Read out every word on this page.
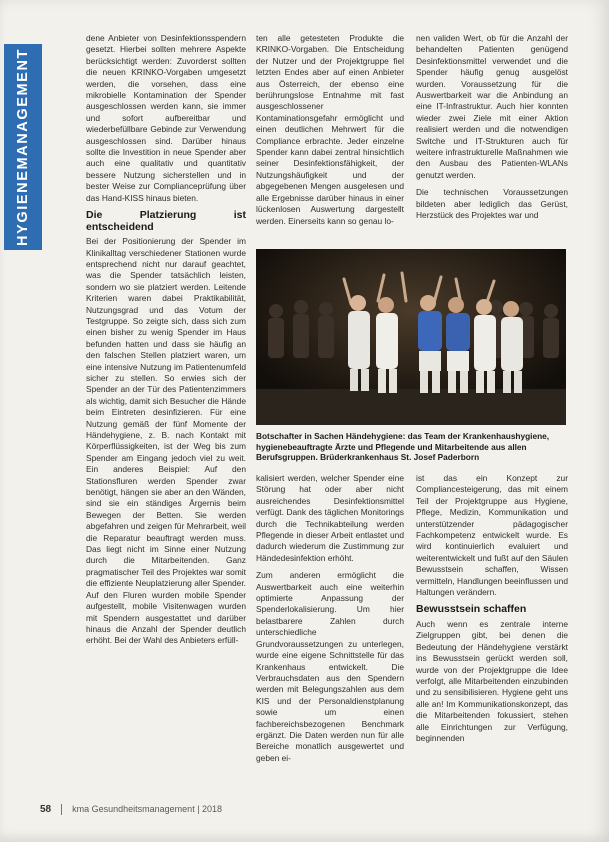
HYGIENEMANAGEMENT

dene Anbieter von Desinfektionsspendern gesetzt. Hierbei sollten mehrere Aspekte berücksichtigt werden: Zuvorderst sollten die neuen KRINKO-Vorgaben umgesetzt werden, die vorsehen, dass eine mikrobielle Kontamination der Spender ausgeschlossen werden kann, sie immer und sofort aufbereitbar und wiederbefüllbare Gebinde zur Verwendung ausgeschlossen sind. Darüber hinaus sollte die Investition in neue Spender aber auch eine qualitativ und quantitativ bessere Nutzung sicherstellen und in bester Weise zur Complianceprüfung über das Hand-KISS hinaus bieten.

Die Platzierung ist entscheidend

Bei der Positionierung der Spender im Klinikalltag verschiedener Stationen wurde entsprechend nicht nur darauf geachtet, was die Spender tatsächlich leisten, sondern wo sie platziert werden. Leitende Kriterien waren dabei Praktikabilität, Nutzungsgrad und das Votum der Testgruppe. So zeigte sich, dass sich zum einen bisher zu wenig Spender im Haus befunden hatten und dass sie häufig an den falschen Stellen platziert waren, um eine intensive Nutzung im Patientenumfeld sicher zu stellen. So erwies sich der Spender an der Tür des Patientenzimmers als wichtig, damit sich Besucher die Hände beim Eintreten desinfizieren. Für eine Nutzung gemäß der fünf Momente der Händehygiene, z. B. nach Kontakt mit Körperflüssigkeiten, ist der Weg bis zum Spender am Eingang jedoch viel zu weit. Ein anderes Beispiel: Auf den Stationsfluren werden Spender zwar benötigt, hängen sie aber an den Wänden, sind sie ein ständiges Ärgernis beim Bewegen der Betten. Sie werden abgefahren und zeigen für Mehrarbeit, weil die Reparatur beauftragt werden muss. Das liegt nicht im Sinne einer Nutzung durch die Mitarbeitenden. Ganz pragmatischer Teil des Projektes war somit die effiziente Neuplatzierung aller Spender. Auf den Fluren wurden mobile Spender aufgestellt, mobile Visitenwagen wurden mit Spendern ausgestattet und darüber hinaus die Anzahl der Spender deutlich erhöht. Bei der Wahl des Anbieters erfüll-

ten alle getesteten Produkte die KRINKO-Vorgaben. Die Entscheidung der Nutzer und der Projektgruppe fiel letzten Endes aber auf einen Anbieter aus Österreich, der ebenso eine berührungslose Entnahme mit fast ausgeschlossener Kontaminationsgefahr ermöglicht und einen deutlichen Mehrwert für die Compliance erbrachte. Jeder einzelne Spender kann dabei zentral hinsichtlich seiner Desinfektionsfähigkeit, der Nutzungshäufigkeit und der abgegebenen Mengen ausgelesen und alle Ergebnisse darüber hinaus in einer lückenlosen Auswertung dargestellt werden. Einerseits kann so genau lo-

nen validen Wert, ob für die Anzahl der behandelten Patienten genügend Desinfektionsmittel verwendet und die Spender häufig genug ausgelöst wurden. Voraussetzung für die Auswertbarkeit war die Anbindung an eine IT-Infrastruktur. Auch hier konnten wieder zwei Ziele mit einer Aktion realisiert werden und die notwendigen Switche und IT-Strukturen auch für weitere infrastrukturelle Maßnahmen wie den Ausbau des Patienten-WLANs genutzt werden.

Die technischen Voraussetzungen bildeten aber lediglich das Gerüst, Herzstück des Projektes war und

Botschafter in Sachen Händehygiene: das Team der Krankenhaushygiene, hygienebeauftragte Ärzte und Pflegende und Mitarbeitende aus allen Berufsgruppen. Brüderkrankenhaus St. Josef Paderborn

kalisiert werden, welcher Spender eine Störung hat oder aber nicht ausreichendes Desinfektionsmittel verfügt. Dank des täglichen Monitorings durch die Technikabteilung werden Pflegende in dieser Arbeit entlastet und dadurch wiederum die Zustimmung zur Händedesinfektion erhöht.

Zum anderen ermöglicht die Auswertbarkeit auch eine weiterhin optimierte Anpassung der Spenderlokalisierung. Um hier belastbarere Zahlen durch unterschiedliche Grundvoraussetzungen zu unterlegen, wurde eine eigene Schnittstelle für das Krankenhaus entwickelt. Die Verbrauchsdaten aus den Spendern werden mit Belegungszahlen aus dem KIS und der Personaldienstplanung sowie um einen fachbereichsbezogenen Benchmark ergänzt. Die Daten werden nun für alle Bereiche monatlich ausgewertet und geben ei-

ist das ein Konzept zur Compliancesteigerung, das mit einem Teil der Projektgruppe aus Hygiene, Pflege, Medizin, Kommunikation und unterstützender pädagogischer Fachkompetenz entwickelt wurde. Es wird kontinuierlich evaluiert und weiterentwickelt und fußt auf den Säulen Bewusstsein schaffen, Wissen vermitteln, Handlungen beeinflussen und Haltungen verändern.

Bewusstsein schaffen

Auch wenn es zentrale interne Zielgruppen gibt, bei denen die Bedeutung der Händehygiene verstärkt ins Bewusstsein gerückt werden soll, wurde von der Projektgruppe die Idee verfolgt, alle Mitarbeitenden einzubinden und zu sensibilisieren. Hygiene geht uns alle an! Im Kommunikationskonzept, das die Mitarbeitenden fokussiert, stehen alle Einrichtungen zur Verfügung, beginnenden

58 kma Gesundheitsmanagement | 2018
